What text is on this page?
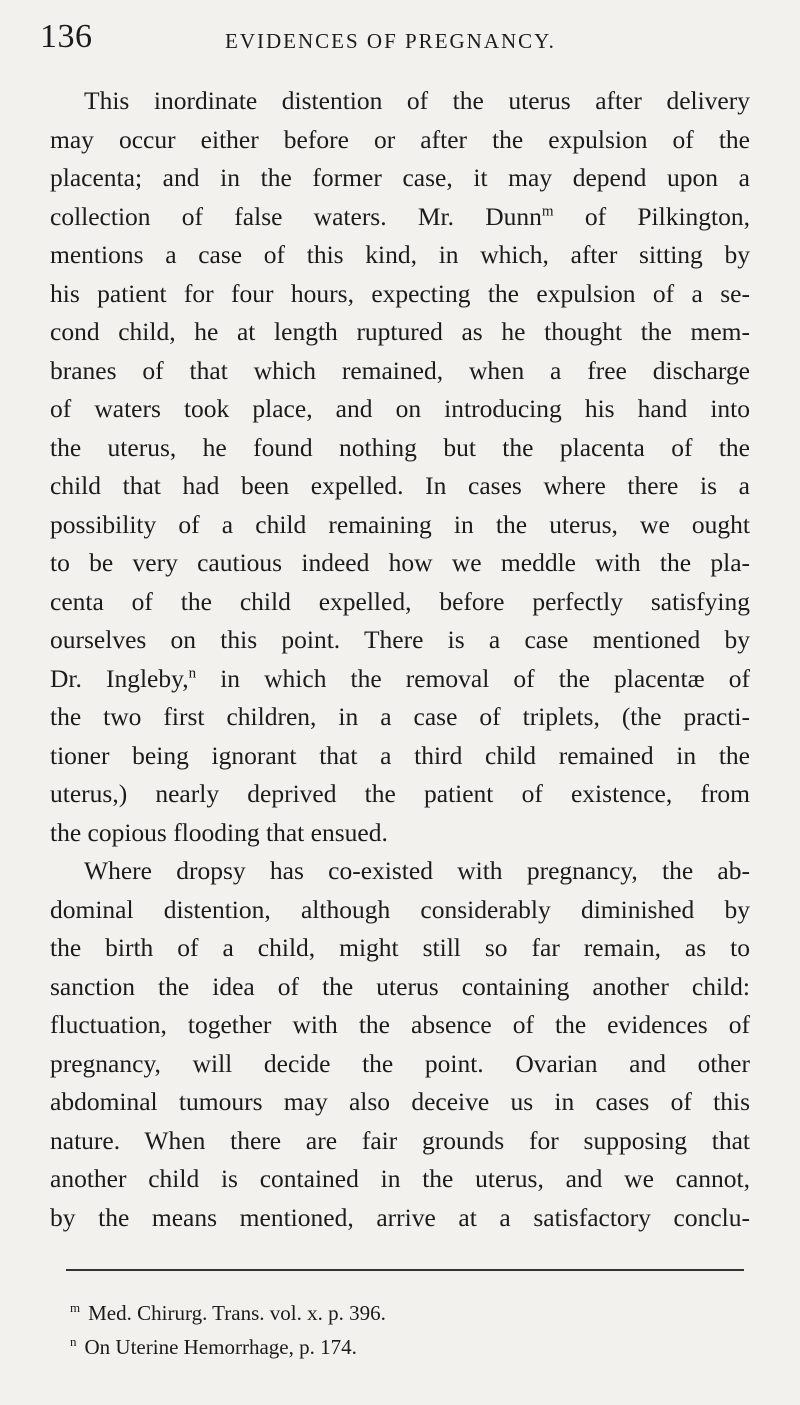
136	EVIDENCES OF PREGNANCY.
This inordinate distention of the uterus after delivery
may occur either before or after the expulsion of the
placenta; and in the former case, it may depend upon a
collection of false waters. Mr. Dunn$^m$ of Pilkington,
mentions a case of this kind, in which, after sitting by
his patient for four hours, expecting the expulsion of a se-
cond child, he at length ruptured as he thought the mem-
branes of that which remained, when a free discharge
of waters took place, and on introducing his hand into
the uterus, he found nothing but the placenta of the
child that had been expelled. In cases where there is a
possibility of a child remaining in the uterus, we ought
to be very cautious indeed how we meddle with the pla-
centa of the child expelled, before perfectly satisfying
ourselves on this point. There is a case mentioned by
Dr. Ingleby,$^n$ in which the removal of the placentæ of
the two first children, in a case of triplets, (the practi-
tioner being ignorant that a third child remained in the
uterus,) nearly deprived the patient of existence, from
the copious flooding that ensued.
Where dropsy has co-existed with pregnancy, the ab-
dominal distention, although considerably diminished by
the birth of a child, might still so far remain, as to
sanction the idea of the uterus containing another child:
fluctuation, together with the absence of the evidences of
pregnancy, will decide the point. Ovarian and other
abdominal tumours may also deceive us in cases of this
nature. When there are fair grounds for supposing that
another child is contained in the uterus, and we cannot,
by the means mentioned, arrive at a satisfactory conclu-
$^m$ Med. Chirurg. Trans. vol. x. p. 396.
$^n$ On Uterine Hemorrhage, p. 174.
